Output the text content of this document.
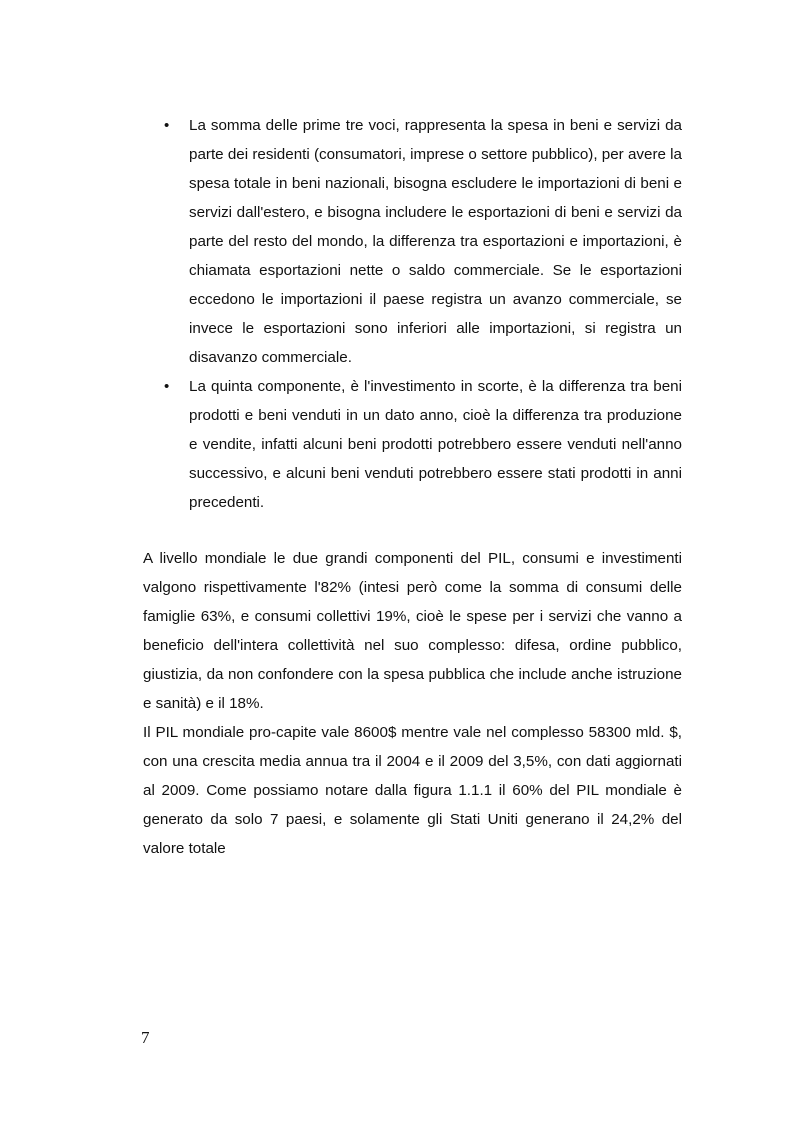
• La somma delle prime tre voci, rappresenta la spesa in beni e servizi da parte dei residenti (consumatori, imprese o settore pubblico), per avere la spesa totale in beni nazionali, bisogna escludere le importazioni di beni e servizi dall'estero, e bisogna includere le esportazioni di beni e servizi da parte del resto del mondo, la differenza tra esportazioni e importazioni, è chiamata esportazioni nette o saldo commerciale. Se le esportazioni eccedono le importazioni il paese registra un avanzo commerciale, se invece le esportazioni sono inferiori alle importazioni, si registra un disavanzo commerciale.
• La quinta componente, è l'investimento in scorte, è la differenza tra beni prodotti e beni venduti in un dato anno, cioè la differenza tra produzione e vendite, infatti alcuni beni prodotti potrebbero essere venduti nell'anno successivo, e alcuni beni venduti potrebbero essere stati prodotti in anni precedenti.

A livello mondiale le due grandi componenti del PIL, consumi e investimenti valgono rispettivamente l'82% (intesi però come la somma di consumi delle famiglie 63%, e consumi collettivi 19%, cioè le spese per i servizi che vanno a beneficio dell'intera collettività nel suo complesso: difesa, ordine pubblico, giustizia, da non confondere con la spesa pubblica che include anche istruzione e sanità) e il 18%.

Il PIL mondiale pro-capite vale 8600$ mentre vale nel complesso 58300 mld. $, con una crescita media annua tra il 2004 e il 2009 del 3,5%, con dati aggiornati al 2009. Come possiamo notare dalla figura 1.1.1 il 60% del PIL mondiale è generato da solo 7 paesi, e solamente gli Stati Uniti generano il 24,2% del valore totale

7
